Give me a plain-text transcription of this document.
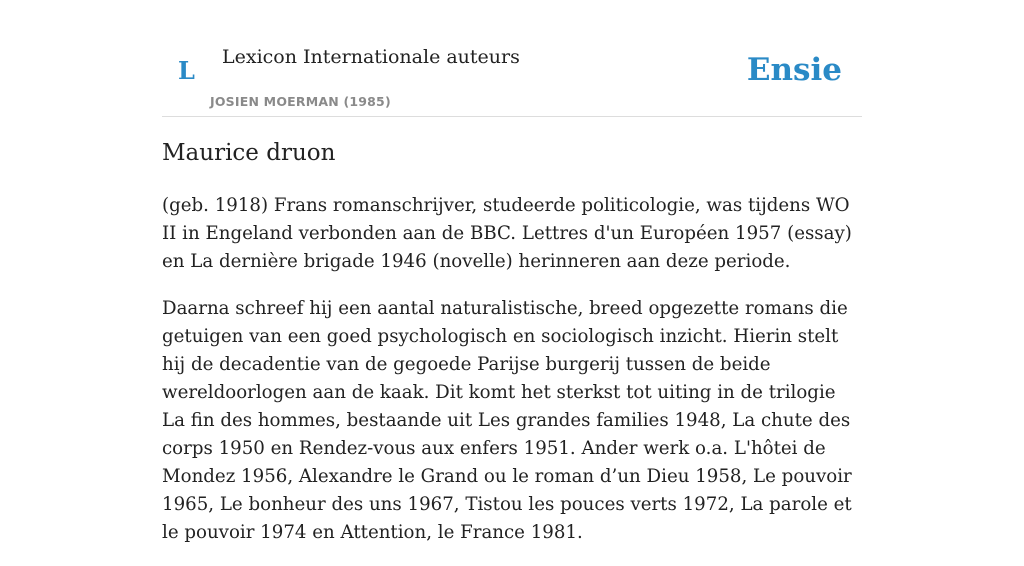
L Lexicon Internationale auteurs
JOSIEN MOERMAN (1985)
Ensie
Maurice druon

(geb. 1918) Frans romanschrijver, studeerde politicologie, was tijdens WO II in Engeland verbonden aan de BBC. Lettres d'un Européen 1957 (essay) en La dernière brigade 1946 (novelle) herinneren aan deze periode.

Daarna schreef hij een aantal naturalistische, breed opgezette romans die getuigen van een goed psychologisch en sociologisch inzicht. Hierin stelt hij de decadentie van de gegoede Parijse burgerij tussen de beide wereldoorlogen aan de kaak. Dit komt het sterkst tot uiting in de trilogie La fin des hommes, bestaande uit Les grandes families 1948, La chute des corps 1950 en Rendez-vous aux enfers 1951. Ander werk o.a. L'hôtei de Mondez 1956, Alexandre le Grand ou le roman d’un Dieu 1958, Le pouvoir 1965, Le bonheur des uns 1967, Tistou les pouces verts 1972, La parole et le pouvoir 1974 en Attention, le France 1981.
